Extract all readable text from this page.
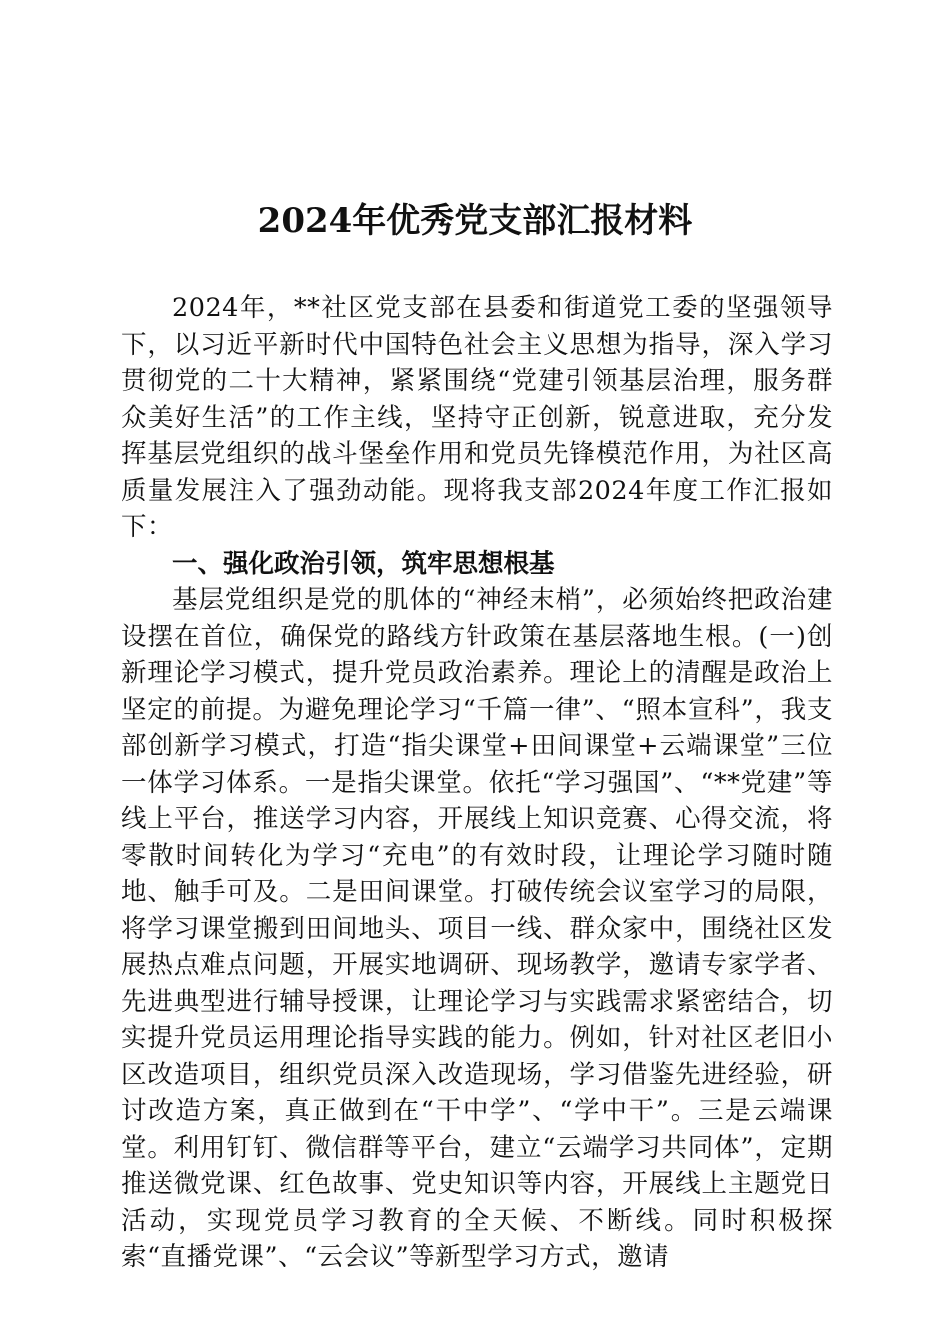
2024年优秀党支部汇报材料

2024年，**社区党支部在县委和街道党工委的坚强领导下，以习近平新时代中国特色社会主义思想为指导，深入学习贯彻党的二十大精神，紧紧围绕“党建引领基层治理，服务群众美好生活”的工作主线，坚持守正创新，锐意进取，充分发挥基层党组织的战斗堡垒作用和党员先锋模范作用，为社区高质量发展注入了强劲动能。现将我支部2024年度工作汇报如下：

一、强化政治引领，筑牢思想根基

基层党组织是党的肌体的“神经末梢”，必须始终把政治建设摆在首位，确保党的路线方针政策在基层落地生根。(一)创新理论学习模式，提升党员政治素养。理论上的清醒是政治上坚定的前提。为避免理论学习“千篇一律”、“照本宣科”，我支部创新学习模式，打造“指尖课堂+田间课堂+云端课堂”三位一体学习体系。一是指尖课堂。依托“学习强国”、“**党建”等线上平台，推送学习内容，开展线上知识竞赛、心得交流，将零散时间转化为学习“充电”的有效时段，让理论学习随时随地、触手可及。二是田间课堂。打破传统会议室学习的局限，将学习课堂搬到田间地头、项目一线、群众家中，围绕社区发展热点难点问题，开展实地调研、现场教学，邀请专家学者、先进典型进行辅导授课，让理论学习与实践需求紧密结合，切实提升党员运用理论指导实践的能力。例如，针对社区老旧小区改造项目，组织党员深入改造现场，学习借鉴先进经验，研讨改造方案，真正做到在“干中学”、“学中干”。三是云端课堂。利用钉钉、微信群等平台，建立“云端学习共同体”，定期推送微党课、红色故事、党史知识等内容，开展线上主题党日活动，实现党员学习教育的全天候、不断线。同时积极探索“直播党课”、“云会议”等新型学习方式，邀请
